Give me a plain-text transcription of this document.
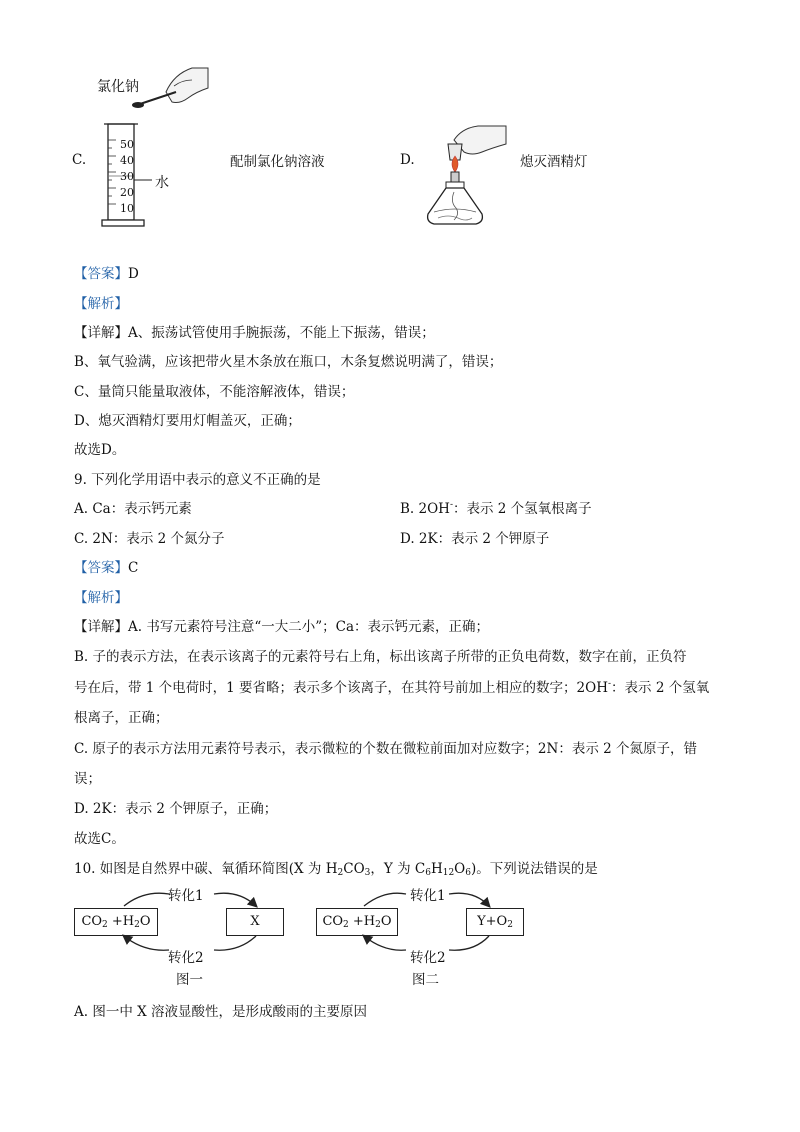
氯化钠
50
40
30
20
10
水
C.	配制氯化钠溶液	D.	熄灭酒精灯
【答案】D
【解析】
【详解】A、振荡试管使用手腕振荡，不能上下振荡，错误；
B、氧气验满，应该把带火星木条放在瓶口，木条复燃说明满了，错误；
C、量筒只能量取液体，不能溶解液体，错误；
D、熄灭酒精灯要用灯帽盖灭，正确；
故选D。
9. 下列化学用语中表示的意义不正确的是
A. Ca：表示钙元素	B. 2OH-：表示 2 个氢氧根离子
C. 2N：表示 2 个氮分子	D. 2K：表示 2 个钾原子
【答案】C
【解析】
【详解】A. 书写元素符号注意“一大二小”；Ca：表示钙元素，正确；
B. 子的表示方法，在表示该离子的元素符号右上角，标出该离子所带的正负电荷数，数字在前，正负符
号在后，带 1 个电荷时，1 要省略；表示多个该离子，在其符号前加上相应的数字；2OH-：表示 2 个氢氧
根离子，正确；
C. 原子的表示方法用元素符号表示，表示微粒的个数在微粒前面加对应数字；2N：表示 2 个氮原子，错
误；
D. 2K：表示 2 个钾原子，正确；
故选C。
10. 如图是自然界中碳、氧循环简图(X 为 $H_2CO_3$，Y 为 $C_6H_{12}O_6$)。下列说法错误的是
转化1
$CO_2 +H_2O$	X
转化2
图一
转化1
$CO_2 +H_2O$	$Y+O_2$
转化2
图二
A. 图一中 X 溶液显酸性，是形成酸雨的主要原因
